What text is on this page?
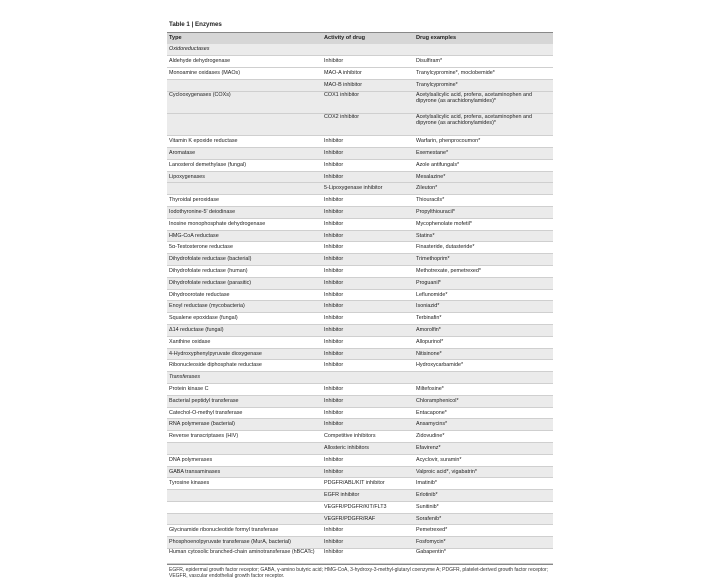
Table 1 | Enzymes
Type	Activity of drug	Drug examples
Oxidoreductases		
Aldehyde dehydrogenase	Inhibitor	Disulfiram*
Monoamine oxidases (MAOs)	MAO-A inhibitor	Tranylcypromine*, moclobemide*
	MAO-B inhibitor	Tranylcypromine*
Cyclooxygenases (COXs)	COX1 inhibitor	Acetylsalicylic acid, profens, acetaminophen and dipyrone (as arachidonylamides)*
	COX2 inhibitor	Acetylsalicylic acid, profens, acetaminophen and dipyrone (as arachidonylamides)*
Vitamin K epoxide reductase	Inhibitor	Warfarin, phenprocoumon*
Aromatase	Inhibitor	Exemestane*
Lanosterol demethylase (fungal)	Inhibitor	Azole antifungals*
Lipoxygenases	Inhibitor	Mesalazine*
	5-Lipoxygenase inhibitor	Zileuton*
Thyroidal peroxidase	Inhibitor	Thiouracils*
Iodothyronine-5' deiodinase	Inhibitor	Propylthiouracil*
Inosine monophosphate dehydrogenase	Inhibitor	Mycophenolate mofetil*
HMG-CoA reductase	Inhibitor	Statins*
5α-Testosterone reductase	Inhibitor	Finasteride, dutasteride*
Dihydrofolate reductase (bacterial)	Inhibitor	Trimethoprim*
Dihydrofolate reductase (human)	Inhibitor	Methotrexate, pemetrexed*
Dihydrofolate reductase (parasitic)	Inhibitor	Proguanil*
Dihydroorotate reductase	Inhibitor	Leflunomide*
Enoyl reductase (mycobacteria)	Inhibitor	Isoniazid*
Squalene epoxidase (fungal)	Inhibitor	Terbinafin*
Δ14 reductase (fungal)	Inhibitor	Amorolfin*
Xanthine oxidase	Inhibitor	Allopurinol*
4-Hydroxyphenylpyruvate dioxygenase	Inhibitor	Nitisinone*
Ribonucleoside diphosphate reductase	Inhibitor	Hydroxycarbamide*
Transferases		
Protein kinase C	Inhibitor	Miltefosine*
Bacterial peptidyl transferase	Inhibitor	Chloramphenicol*
Catechol-O-methyl transferase	Inhibitor	Entacapone*
RNA polymerase (bacterial)	Inhibitor	Ansamycins*
Reverse transcriptases (HIV)	Competitive inhibitors	Zidovudine*
	Allosteric inhibitors	Efavirenz*
DNA polymerases	Inhibitor	Acyclovir, suramin*
GABA transaminases	Inhibitor	Valproic acid*, vigabatrin*
Tyrosine kinases	PDGFR/ABL/KIT inhibitor	Imatinib*
	EGFR inhibitor	Erlotinib*
	VEGFR/PDGFR/KIT/FLT3	Sunitinib*
	VEGFR/PDGFR/RAF	Sorafenib*
Glycinamide ribonucleotide formyl transferase	Inhibitor	Pemetrexed*
Phosphoenolpyruvate transferase (MurA, bacterial)	Inhibitor	Fosfomycin*
Human cytosolic branched-chain aminotransferase (hBCATc)	Inhibitor	Gabapentin*
EGFR, epidermal growth factor receptor; GABA, γ-amino butyric acid; HMG-CoA, 3-hydroxy-3-methyl-glutaryl coenzyme A; PDGFR, platelet-derived growth factor receptor; VEGFR, vascular endothelial growth factor receptor.
